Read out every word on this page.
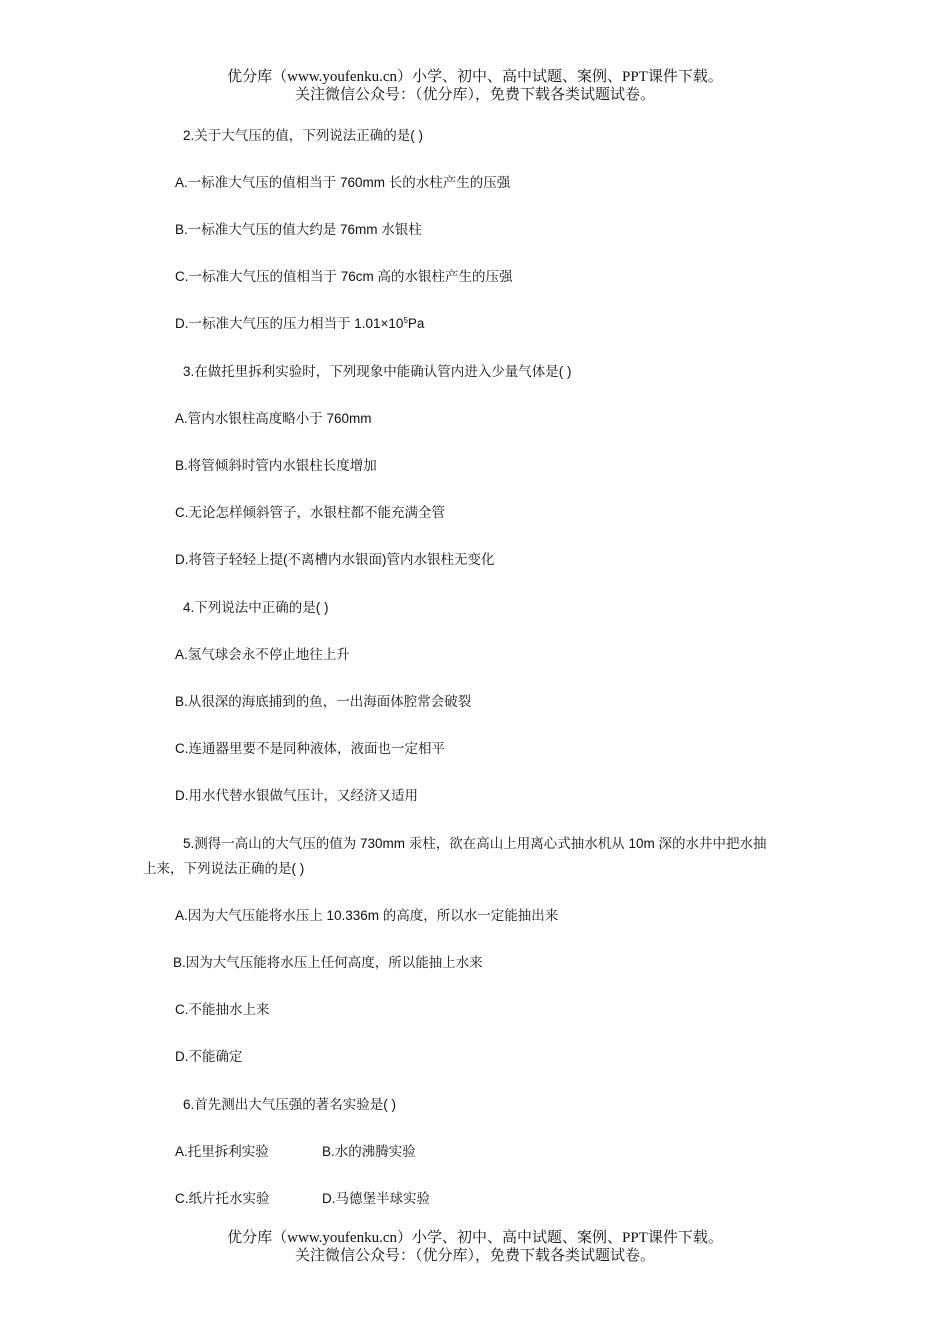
优分库（www.youfenku.cn）小学、初中、高中试题、案例、PPT课件下载。
关注微信公众号：（优分库），免费下载各类试题试卷。
2.关于大气压的值，下列说法正确的是( )
A.一标准大气压的值相当于 760mm 长的水柱产生的压强
B.一标准大气压的值大约是 76mm 水银柱
C.一标准大气压的值相当于 76cm 高的水银柱产生的压强
D.一标准大气压的压力相当于 $1.01\times 10^5Pa$
3.在做托里拆利实验时，下列现象中能确认管内进入少量气体是( )
A.管内水银柱高度略小于 760mm
B.将管倾斜时管内水银柱长度增加
C.无论怎样倾斜管子，水银柱都不能充满全管
D.将管子轻轻上提(不离槽内水银面)管内水银柱无变化
4.下列说法中正确的是( )
A.氢气球会永不停止地往上升
B.从很深的海底捕到的鱼，一出海面体腔常会破裂
C.连通器里要不是同种液体，液面也一定相平
D.用水代替水银做气压计，又经济又适用
5.测得一高山的大气压的值为 730mm 汞柱，欲在高山上用离心式抽水机从 10m 深的水井中把水抽
上来，下列说法正确的是( )
A.因为大气压能将水压上 10.336m 的高度，所以水一定能抽出来
B.因为大气压能将水压上任何高度，所以能抽上水来
C.不能抽水上来
D.不能确定
6.首先测出大气压强的著名实验是( )
A.托里拆利实验	B.水的沸腾实验
C.纸片托水实验	D.马德堡半球实验
优分库（www.youfenku.cn）小学、初中、高中试题、案例、PPT课件下载。
关注微信公众号：（优分库），免费下载各类试题试卷。
